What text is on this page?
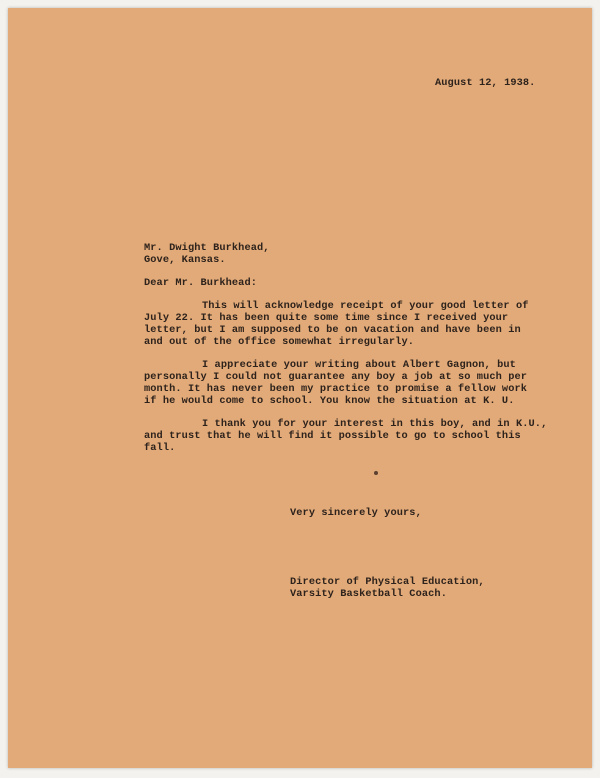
August 12, 1938.
Mr. Dwight Burkhead,
Gove, Kansas.
Dear Mr. Burkhead:
This will acknowledge receipt of your good letter of
July 22. It has been quite some time since I received your
letter, but I am supposed to be on vacation and have been in
and out of the office somewhat irregularly.
I appreciate your writing about Albert Gagnon, but
personally I could not guarantee any boy a job at so much per
month. It has never been my practice to promise a fellow work
if he would come to school. You know the situation at K. U.
I thank you for your interest in this boy, and in K.U.,
and trust that he will find it possible to go to school this
fall.
Very sincerely yours,
Director of Physical Education,
Varsity Basketball Coach.
